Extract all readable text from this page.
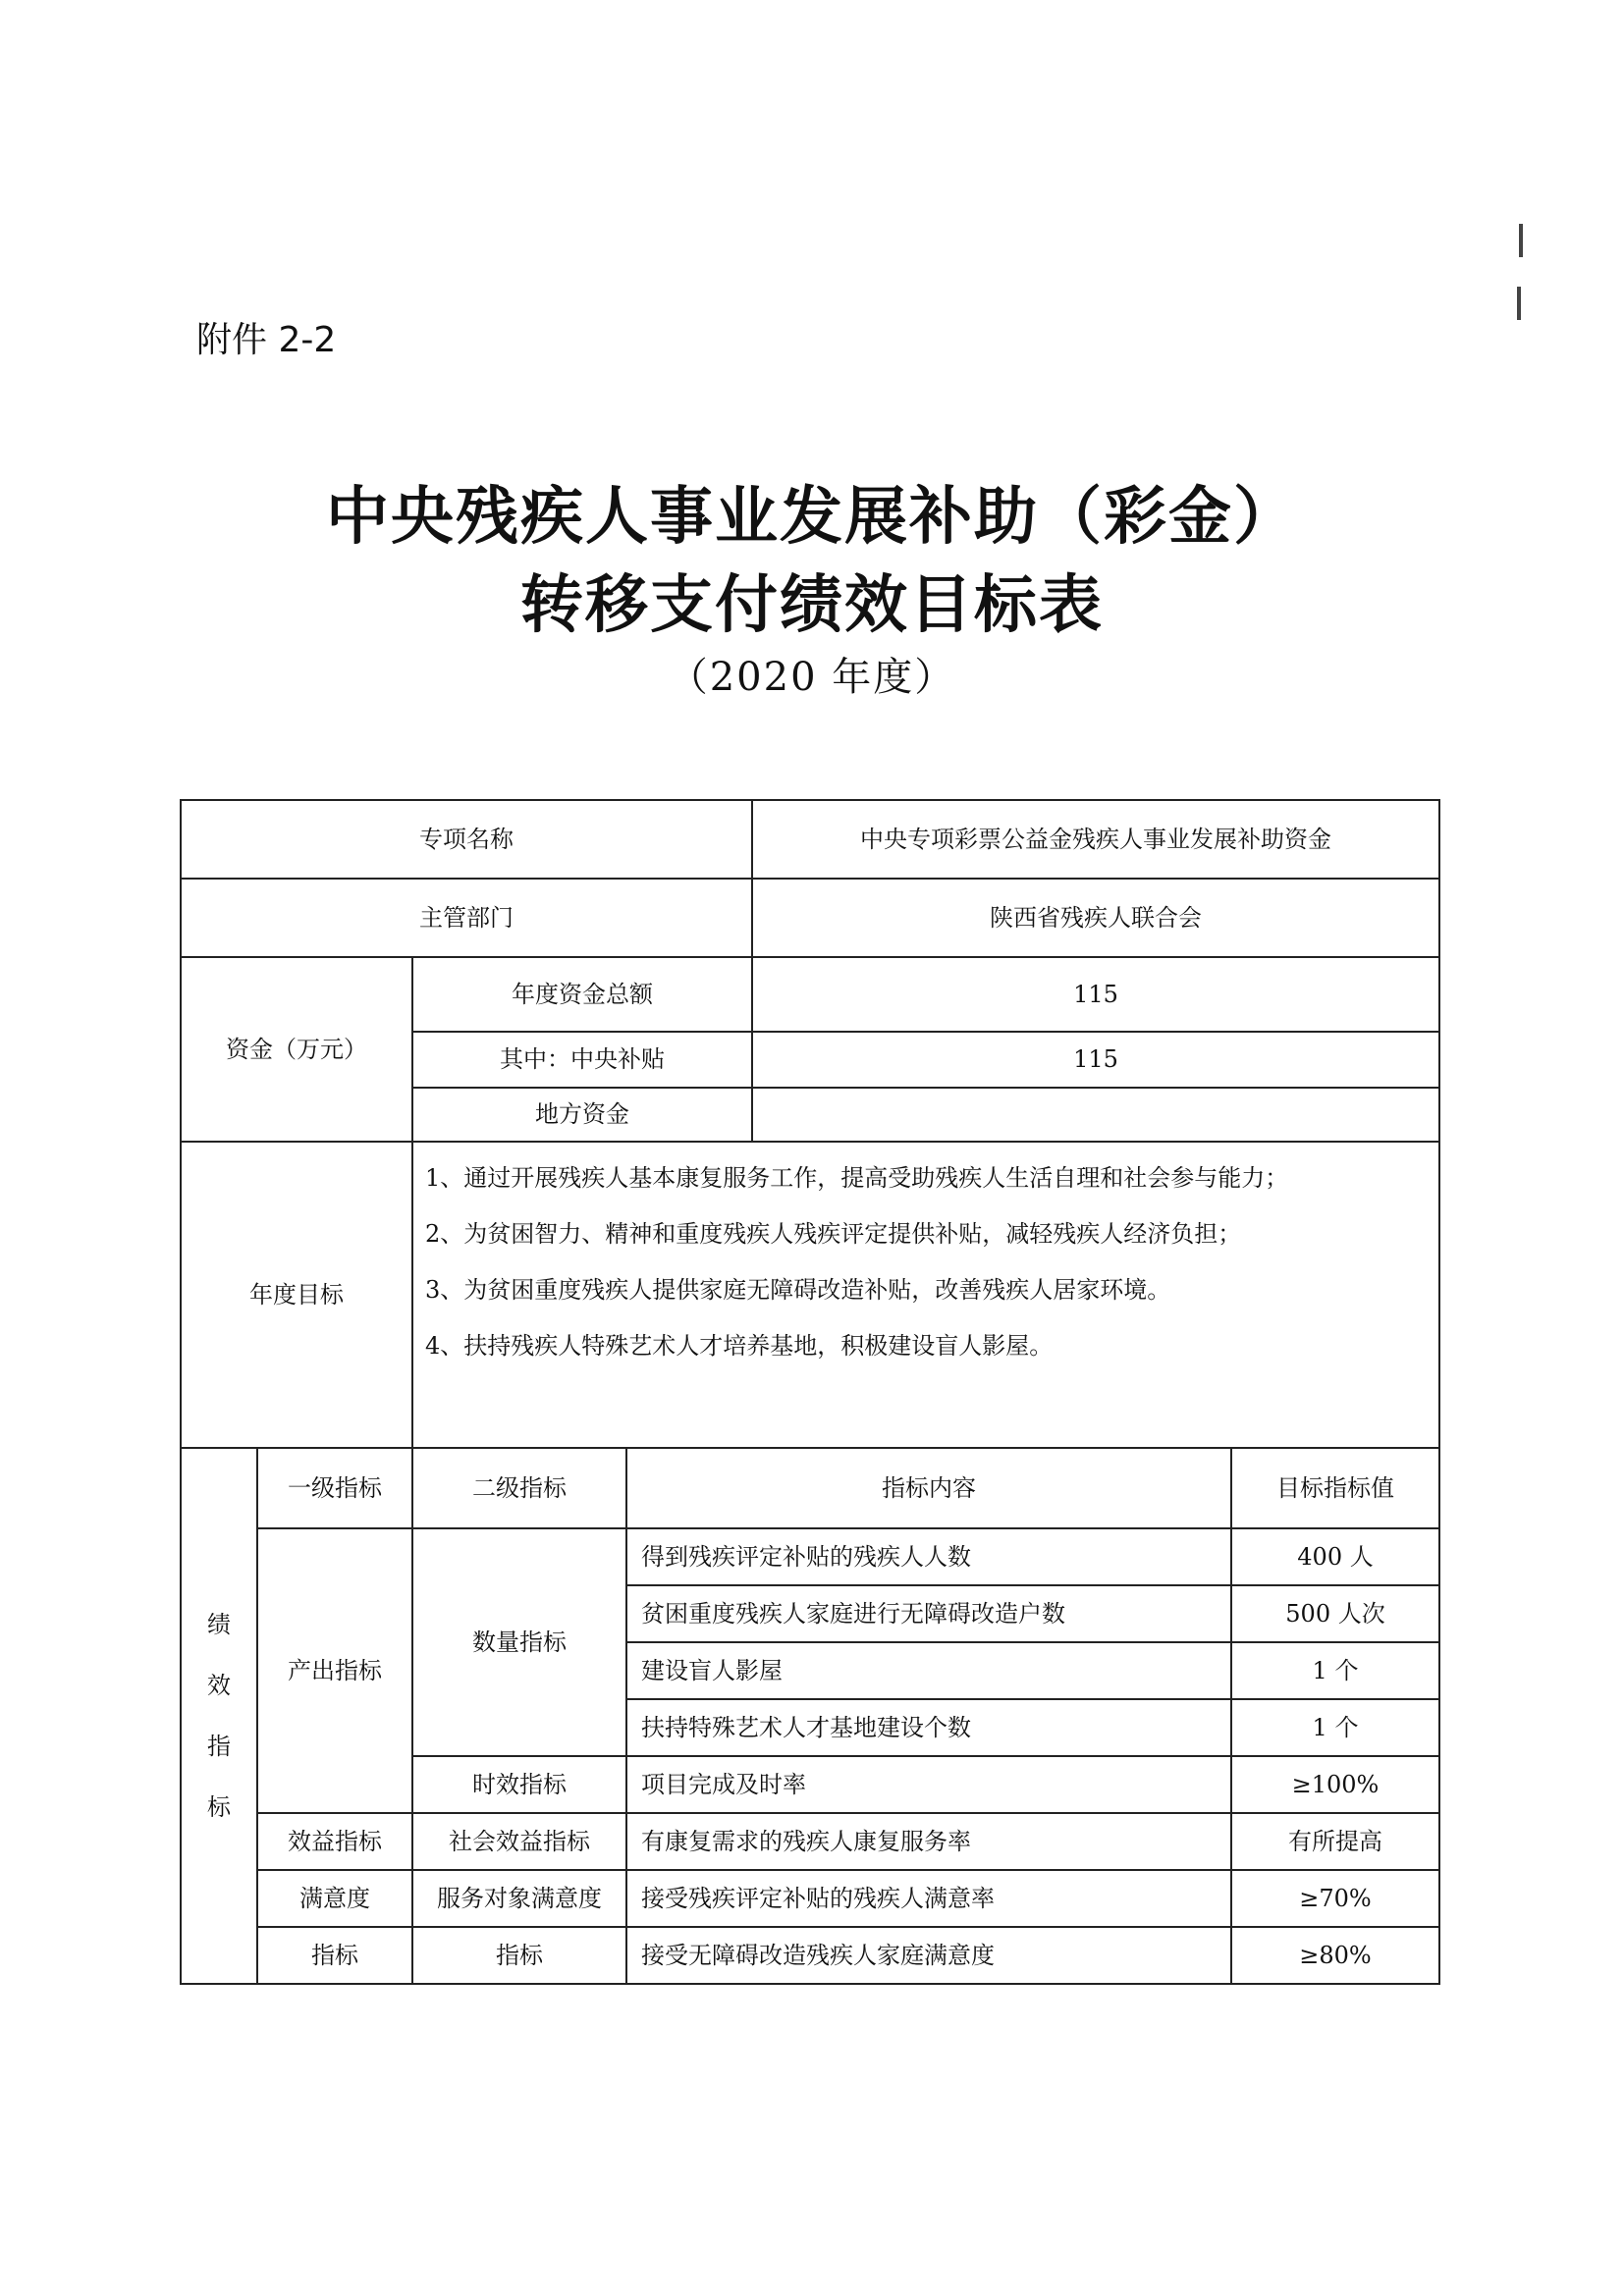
附件 2-2
中央残疾人事业发展补助（彩金）
转移支付绩效目标表
（2020 年度）
专项名称				中央专项彩票公益金残疾人事业发展补助资金	
主管部门				陕西省残疾人联合会	
资金（万元）		年度资金总额		115	
		其中：中央补贴		115	
		地方资金			
年度目标		1、通过开展残疾人基本康复服务工作，提高受助残疾人生活自理和社会参与能力；
2、为贫困智力、精神和重度残疾人残疾评定提供补贴，减轻残疾人经济负担；
3、为贫困重度残疾人提供家庭无障碍改造补贴，改善残疾人居家环境。
4、扶持残疾人特殊艺术人才培养基地，积极建设盲人影屋。			

绩
效
指
标	一级指标	二级指标	指标内容		目标指标值
	产出指标	数量指标	得到残疾评定补贴的残疾人人数		400 人
			贫困重度残疾人家庭进行无障碍改造户数		500 人次
			建设盲人影屋		1 个
			扶持特殊艺术人才基地建设个数		1 个
		时效指标	项目完成及时率		≥100%
	效益指标	社会效益指标	有康复需求的残疾人康复服务率		有所提高
	满意度	服务对象满意度	接受残疾评定补贴的残疾人满意率		≥70%
	指标	指标	接受无障碍改造残疾人家庭满意度		≥80%
